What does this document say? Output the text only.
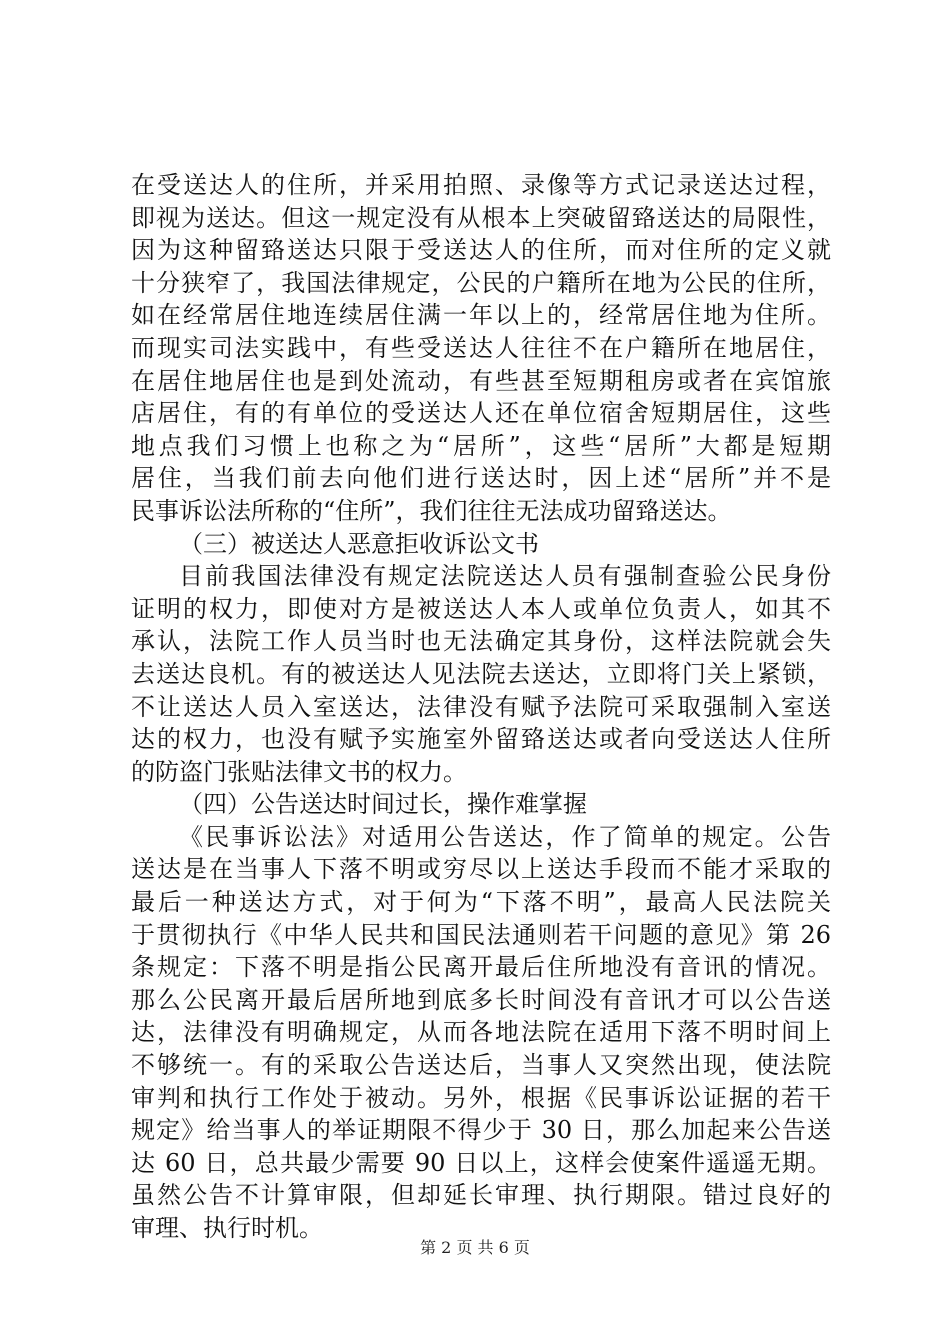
在受送达人的住所，并采用拍照、录像等方式记录送达过程，
即视为送达。但这一规定没有从根本上突破留臵送达的局限性，
因为这种留臵送达只限于受送达人的住所，而对住所的定义就
十分狭窄了，我国法律规定，公民的户籍所在地为公民的住所，
如在经常居住地连续居住满一年以上的，经常居住地为住所。
而现实司法实践中，有些受送达人往往不在户籍所在地居住，
在居住地居住也是到处流动，有些甚至短期租房或者在宾馆旅
店居住，有的有单位的受送达人还在单位宿舍短期居住，这些
地点我们习惯上也称之为“居所”，这些“居所”大都是短期
居住，当我们前去向他们进行送达时，因上述“居所”并不是
民事诉讼法所称的“住所”，我们往往无法成功留臵送达。
（三）被送达人恶意拒收诉讼文书
目前我国法律没有规定法院送达人员有强制查验公民身份
证明的权力，即使对方是被送达人本人或单位负责人，如其不
承认，法院工作人员当时也无法确定其身份，这样法院就会失
去送达良机。有的被送达人见法院去送达，立即将门关上紧锁，
不让送达人员入室送达，法律没有赋予法院可采取强制入室送
达的权力，也没有赋予实施室外留臵送达或者向受送达人住所
的防盗门张贴法律文书的权力。
（四）公告送达时间过长，操作难掌握
《民事诉讼法》对适用公告送达，作了简单的规定。公告
送达是在当事人下落不明或穷尽以上送达手段而不能才采取的
最后一种送达方式，对于何为“下落不明”，最高人民法院关
于贯彻执行《中华人民共和国民法通则若干问题的意见》第 26
条规定：下落不明是指公民离开最后住所地没有音讯的情况。
那么公民离开最后居所地到底多长时间没有音讯才可以公告送
达，法律没有明确规定，从而各地法院在适用下落不明时间上
不够统一。有的采取公告送达后，当事人又突然出现，使法院
审判和执行工作处于被动。另外，根据《民事诉讼证据的若干
规定》给当事人的举证期限不得少于 30 日，那么加起来公告送
达 60 日，总共最少需要 90 日以上，这样会使案件遥遥无期。
虽然公告不计算审限，但却延长审理、执行期限。错过良好的
审理、执行时机。
第 2 页 共 6 页
